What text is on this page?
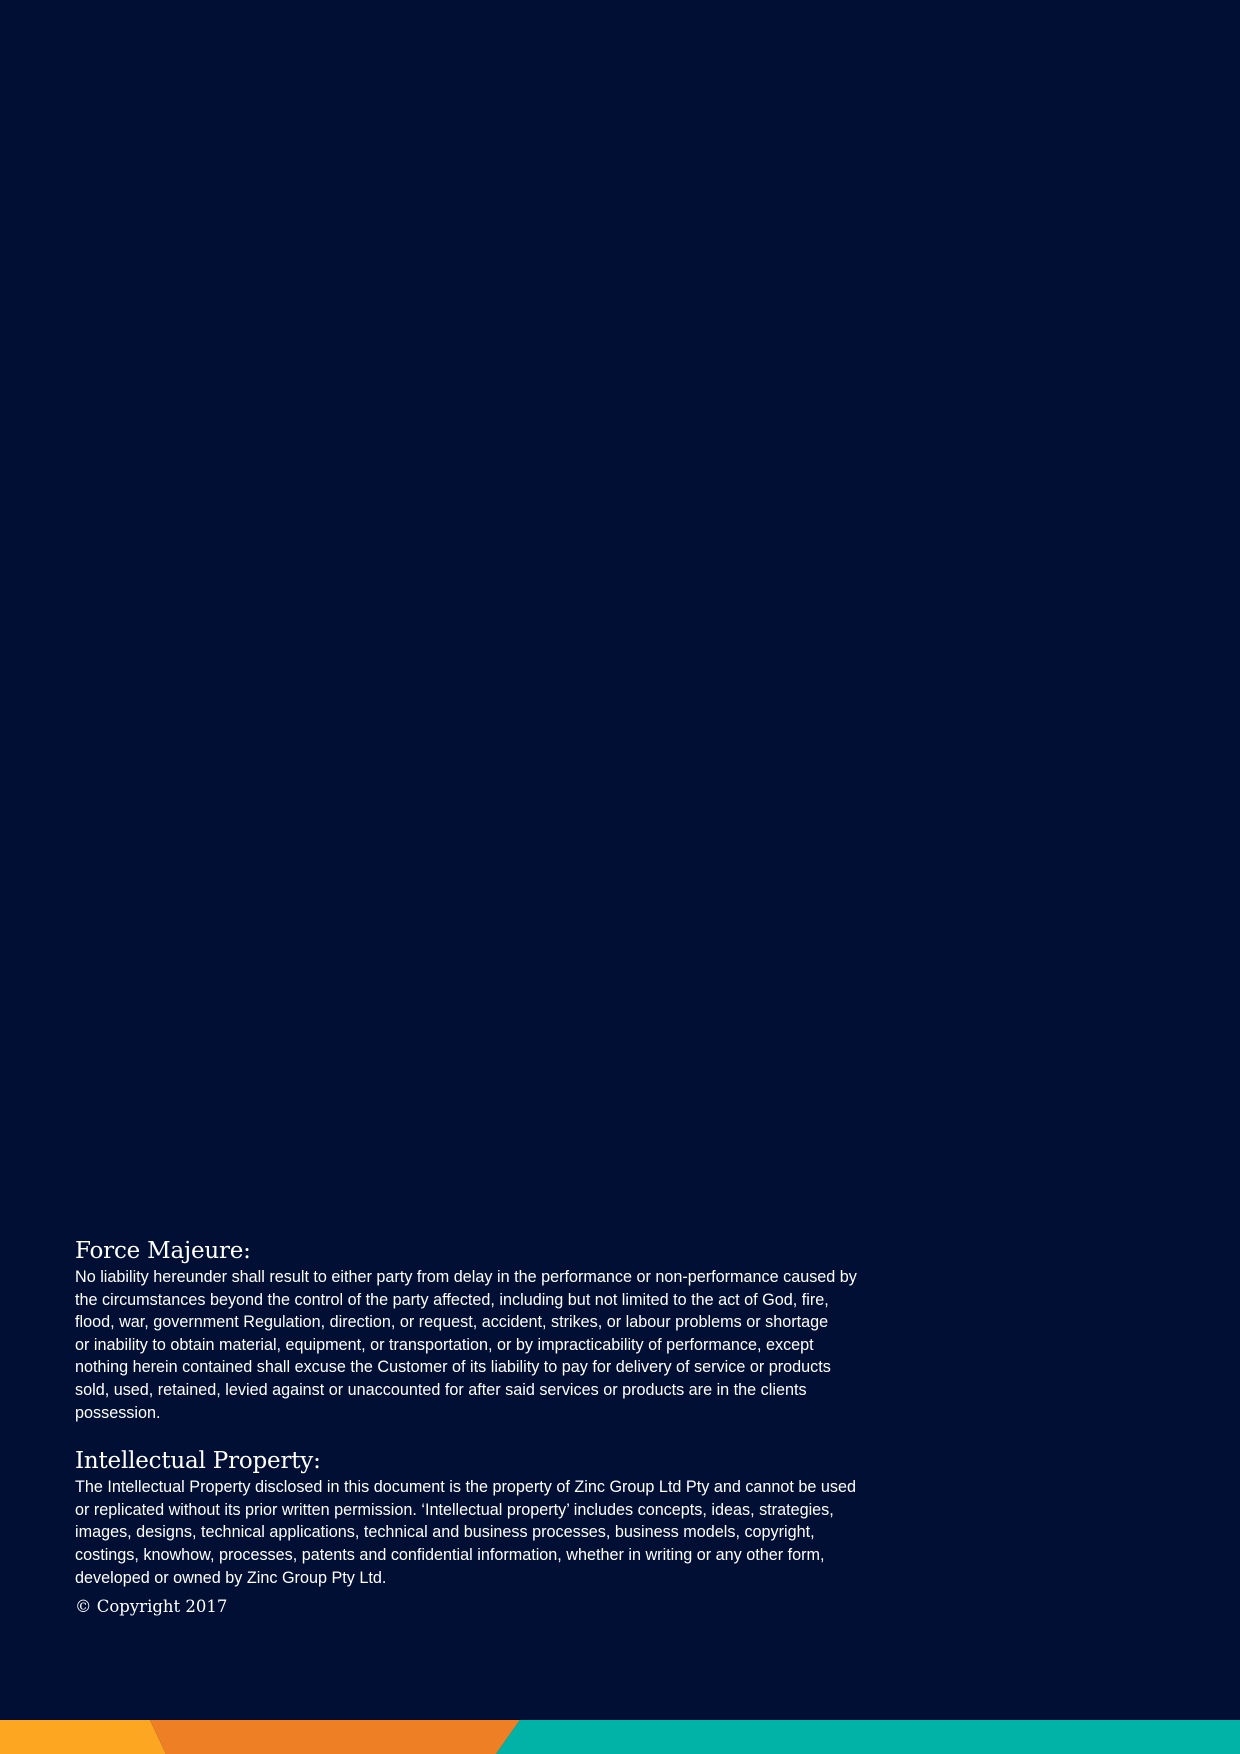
Force Majeure:

No liability hereunder shall result to either party from delay in the performance or non-performance caused by
the circumstances beyond the control of the party affected, including but not limited to the act of God, fire,
flood, war, government Regulation, direction, or request, accident, strikes, or labour problems or shortage
or inability to obtain material, equipment, or transportation, or by impracticability of performance, except
nothing herein contained shall excuse the Customer of its liability to pay for delivery of service or products
sold, used, retained, levied against or unaccounted for after said services or products are in the clients
possession.

Intellectual Property:

The Intellectual Property disclosed in this document is the property of Zinc Group Ltd Pty and cannot be used
or replicated without its prior written permission. ‘Intellectual property’ includes concepts, ideas, strategies,
images, designs, technical applications, technical and business processes, business models, copyright,
costings, knowhow, processes, patents and confidential information, whether in writing or any other form,
developed or owned by Zinc Group Pty Ltd.

© Copyright 2017
